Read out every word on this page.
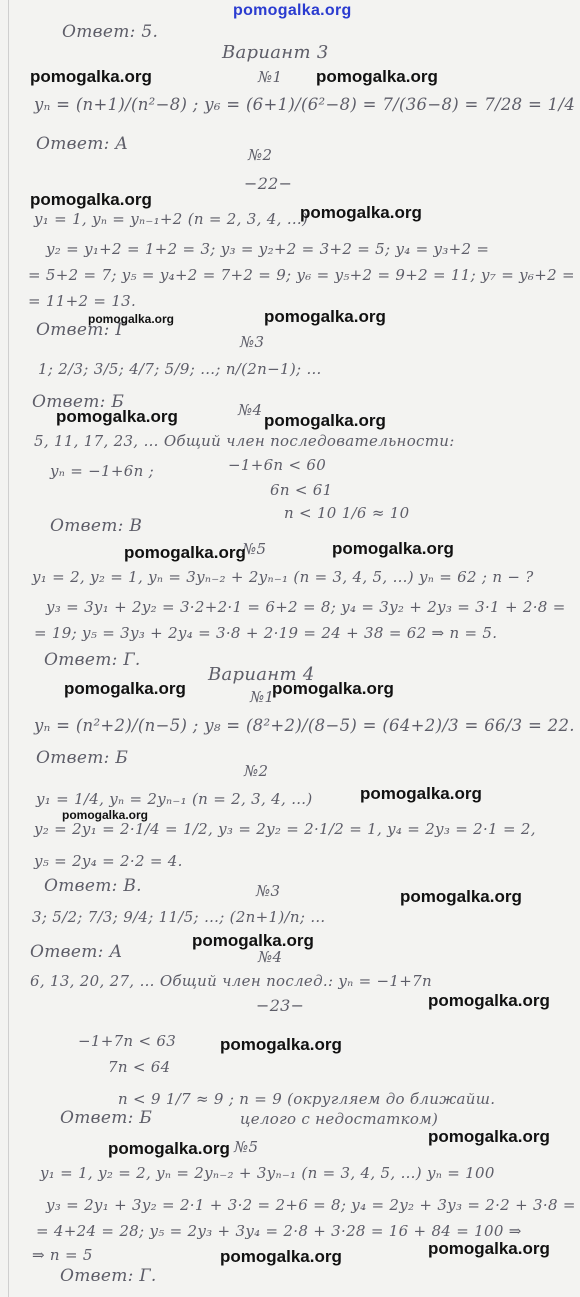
pomogalka.org
Ответ: 5.
Вариант 3
№1
yₙ = (n+1)/(n²−8) ; y₆ = (6+1)/(6²−8) = 7/(36−8) = 7/28 = 1/4
Ответ: A
№2
−22−
y₁ = 1, yₙ = yₙ₋₁+2 (n = 2, 3, 4, …)
y₂ = y₁+2 = 1+2 = 3; y₃ = y₂+2 = 3+2 = 5; y₄ = y₃+2 =
= 5+2 = 7; y₅ = y₄+2 = 7+2 = 9; y₆ = y₅+2 = 9+2 = 11; y₇ = y₆+2 =
= 11+2 = 13.
Ответ: Г
№3
1; 2/3; 3/5; 4/7; 5/9; …; n/(2n−1); …
Ответ: Б	№4
5, 11, 17, 23, … Общий член последовательности:
yₙ = −1+6n ;	−1+6n < 60
6n < 61
n < 10 1/6 ≈ 10
Ответ: В
№5
y₁ = 2, y₂ = 1, yₙ = 3yₙ₋₂ + 2yₙ₋₁ (n = 3, 4, 5, …) yₙ = 62 ; n − ?
y₃ = 3y₁ + 2y₂ = 3·2+2·1 = 6+2 = 8; y₄ = 3y₂ + 2y₃ = 3·1 + 2·8 =
= 19; y₅ = 3y₃ + 2y₄ = 3·8 + 2·19 = 24 + 38 = 62 ⇒ n = 5.
Ответ: Г.
Вариант 4
№1
yₙ = (n²+2)/(n−5) ; y₈ = (8²+2)/(8−5) = (64+2)/3 = 66/3 = 22.
Ответ: Б
№2
y₁ = 1/4, yₙ = 2yₙ₋₁ (n = 2, 3, 4, …)
y₂ = 2y₁ = 2·1/4 = 1/2, y₃ = 2y₂ = 2·1/2 = 1, y₄ = 2y₃ = 2·1 = 2,
y₅ = 2y₄ = 2·2 = 4.
Ответ: В.	№3
3; 5/2; 7/3; 9/4; 11/5; …; (2n+1)/n; …
Ответ: А	№4
6, 13, 20, 27, … Общий член послед.: yₙ = −1+7n
−23−
−1+7n < 63
7n < 64
n < 9 1/7 ≈ 9 ; n = 9 (округляем до ближайш.
целого с недостатком)
Ответ: Б
№5
y₁ = 1, y₂ = 2, yₙ = 2yₙ₋₂ + 3yₙ₋₁ (n = 3, 4, 5, …) yₙ = 100
y₃ = 2y₁ + 3y₂ = 2·1 + 3·2 = 2+6 = 8; y₄ = 2y₂ + 3y₃ = 2·2 + 3·8 =
= 4+24 = 28; y₅ = 2y₃ + 3y₄ = 2·8 + 3·28 = 16 + 84 = 100 ⇒
⇒ n = 5
Ответ: Г.
pomogalka.org	pomogalka.org
pomogalka.org
pomogalka.org
pomogalka.org	pomogalka.org
pomogalka.org	pomogalka.org
pomogalka.org	pomogalka.org
pomogalka.org	pomogalka.org
pomogalka.org
pomogalka.org
pomogalka.org
pomogalka.org
pomogalka.org
pomogalka.org
pomogalka.org
pomogalka.org
pomogalka.org
pomogalka.org
